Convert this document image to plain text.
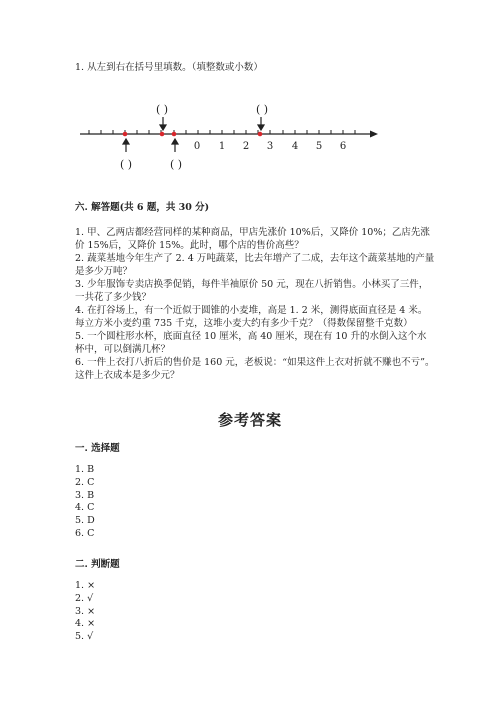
1. 从左到右在括号里填数。（填整数或小数）
0 1 2 3 4 5 6
( )	( )
( )	( )
六. 解答题(共 6 题，共 30 分)

1. 甲、乙两店都经营同样的某种商品，甲店先涨价 10%后，又降价 10%；乙店先涨价 15%后，又降价 15%。此时，哪个店的售价高些？

2. 蔬菜基地今年生产了 2. 4 万吨蔬菜，比去年增产了二成，去年这个蔬菜基地的产量是多少万吨？

3. 少年服饰专卖店换季促销，每件半袖原价 50 元，现在八折销售。小林买了三件，一共花了多少钱？

4. 在打谷场上，有一个近似于圆锥的小麦堆，高是 1. 2 米，测得底面直径是 4 米。每立方米小麦约重 735 千克，这堆小麦大约有多少千克？（得数保留整千克数）

5. 一个圆柱形水杯，底面直径 10 厘米，高 40 厘米，现在有 10 升的水倒入这个水杯中，可以倒满几杯？

6. 一件上衣打八折后的售价是 160 元，老板说：“如果这件上衣对折就不赚也不亏”。这件上衣成本是多少元？

参考答案
一. 选择题
1. B
2. C
3. B
4. C
5. D
6. C
二. 判断题
1. ×
2. √
3. ×
4. ×
5. √
